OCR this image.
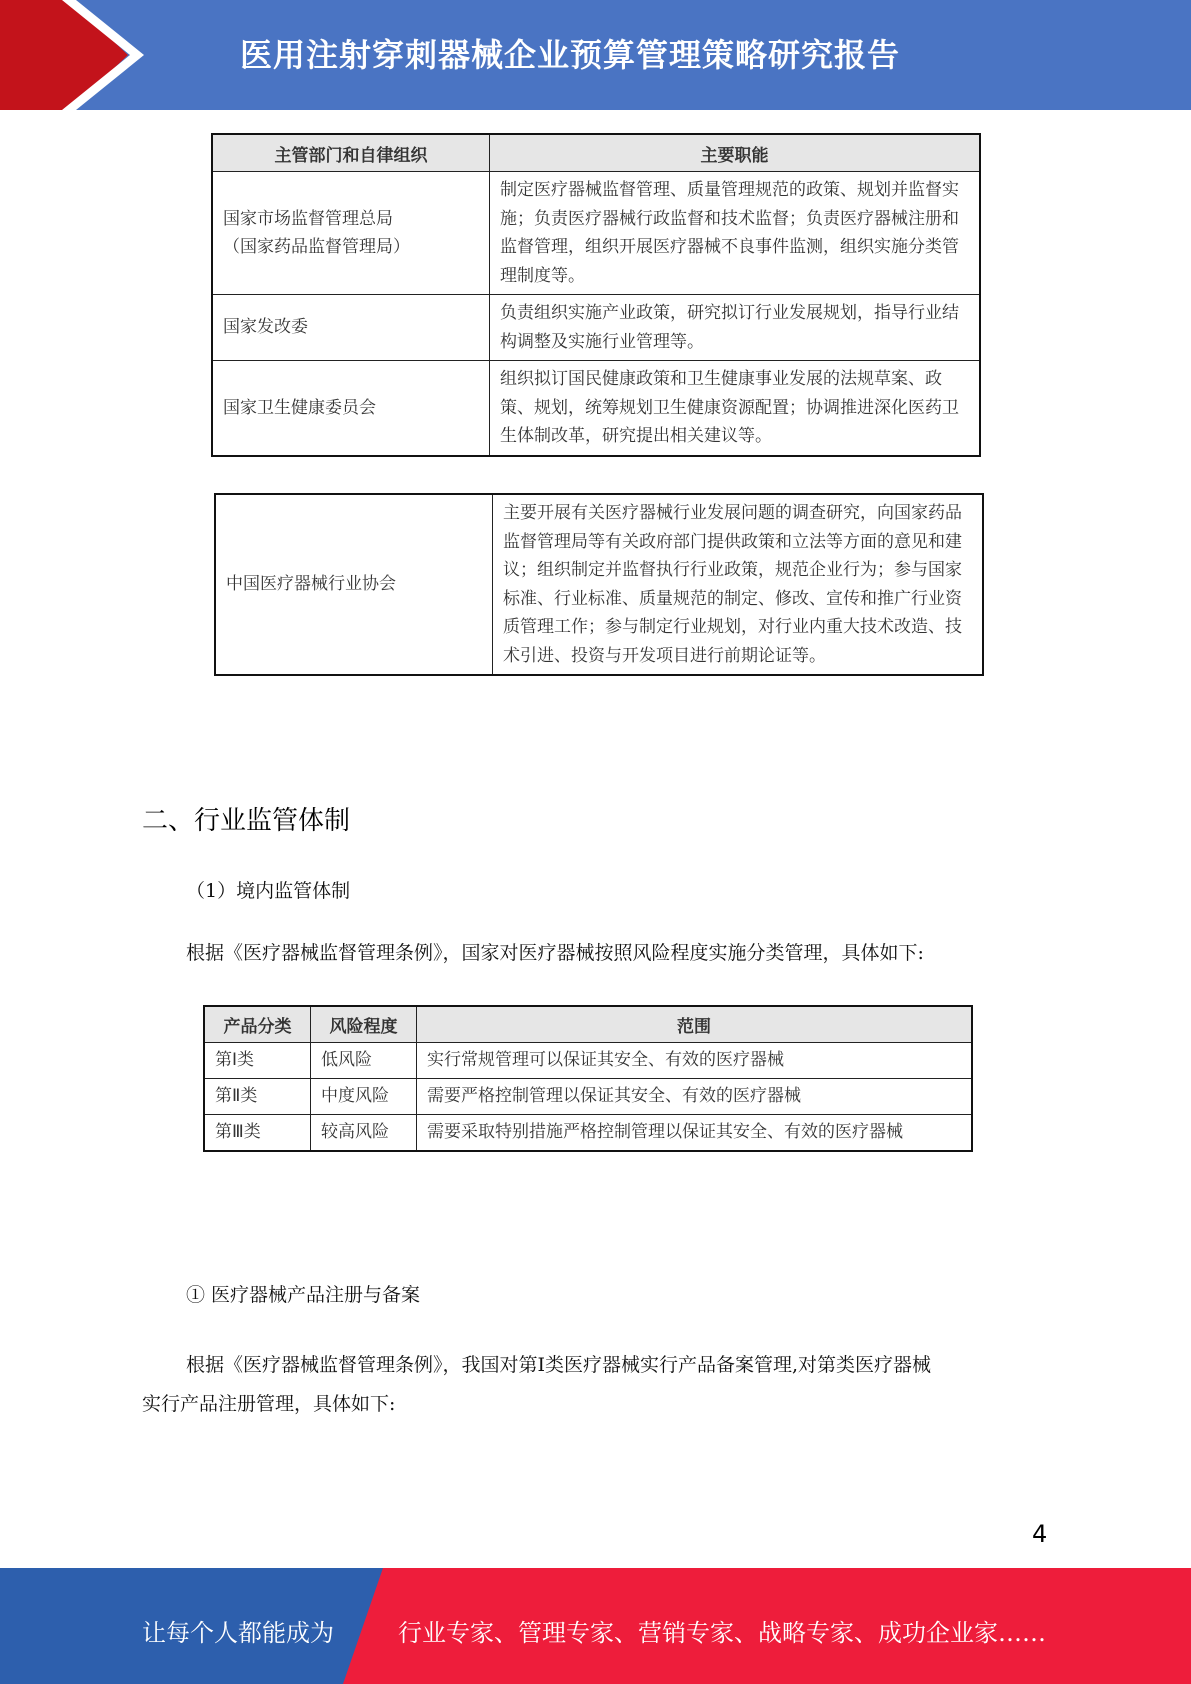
医用注射穿刺器械企业预算管理策略研究报告
主管部门和自律组织	主要职能
国家市场监督管理总局
（国家药品监督管理局）	制定医疗器械监督管理、质量管理规范的政策、规划并监督实施；负责医疗器械行政监督和技术监督；负责医疗器械注册和监督管理，组织开展医疗器械不良事件监测，组织实施分类管理制度等。
国家发改委	负责组织实施产业政策，研究拟订行业发展规划，指导行业结构调整及实施行业管理等。
国家卫生健康委员会	组织拟订国民健康政策和卫生健康事业发展的法规草案、政策、规划，统筹规划卫生健康资源配置；协调推进深化医药卫生体制改革，研究提出相关建议等。
中国医疗器械行业协会	主要开展有关医疗器械行业发展问题的调查研究，向国家药品监督管理局等有关政府部门提供政策和立法等方面的意见和建议；组织制定并监督执行行业政策，规范企业行为；参与国家标准、行业标准、质量规范的制定、修改、宣传和推广行业资质管理工作；参与制定行业规划，对行业内重大技术改造、技术引进、投资与开发项目进行前期论证等。
二、行业监管体制
（1）境内监管体制
根据《医疗器械监督管理条例》，国家对医疗器械按照风险程度实施分类管理，具体如下:
产品分类	风险程度	范围
第Ⅰ类	低风险	实行常规管理可以保证其安全、有效的医疗器械
第Ⅱ类	中度风险	需要严格控制管理以保证其安全、有效的医疗器械
第Ⅲ类	较高风险	需要采取特别措施严格控制管理以保证其安全、有效的医疗器械
① 医疗器械产品注册与备案
根据《医疗器械监督管理条例》，我国对第Ⅰ类医疗器械实行产品备案管理,对第类医疗器械
实行产品注册管理，具体如下:
4
让每个人都能成为	行业专家、管理专家、营销专家、战略专家、成功企业家……
